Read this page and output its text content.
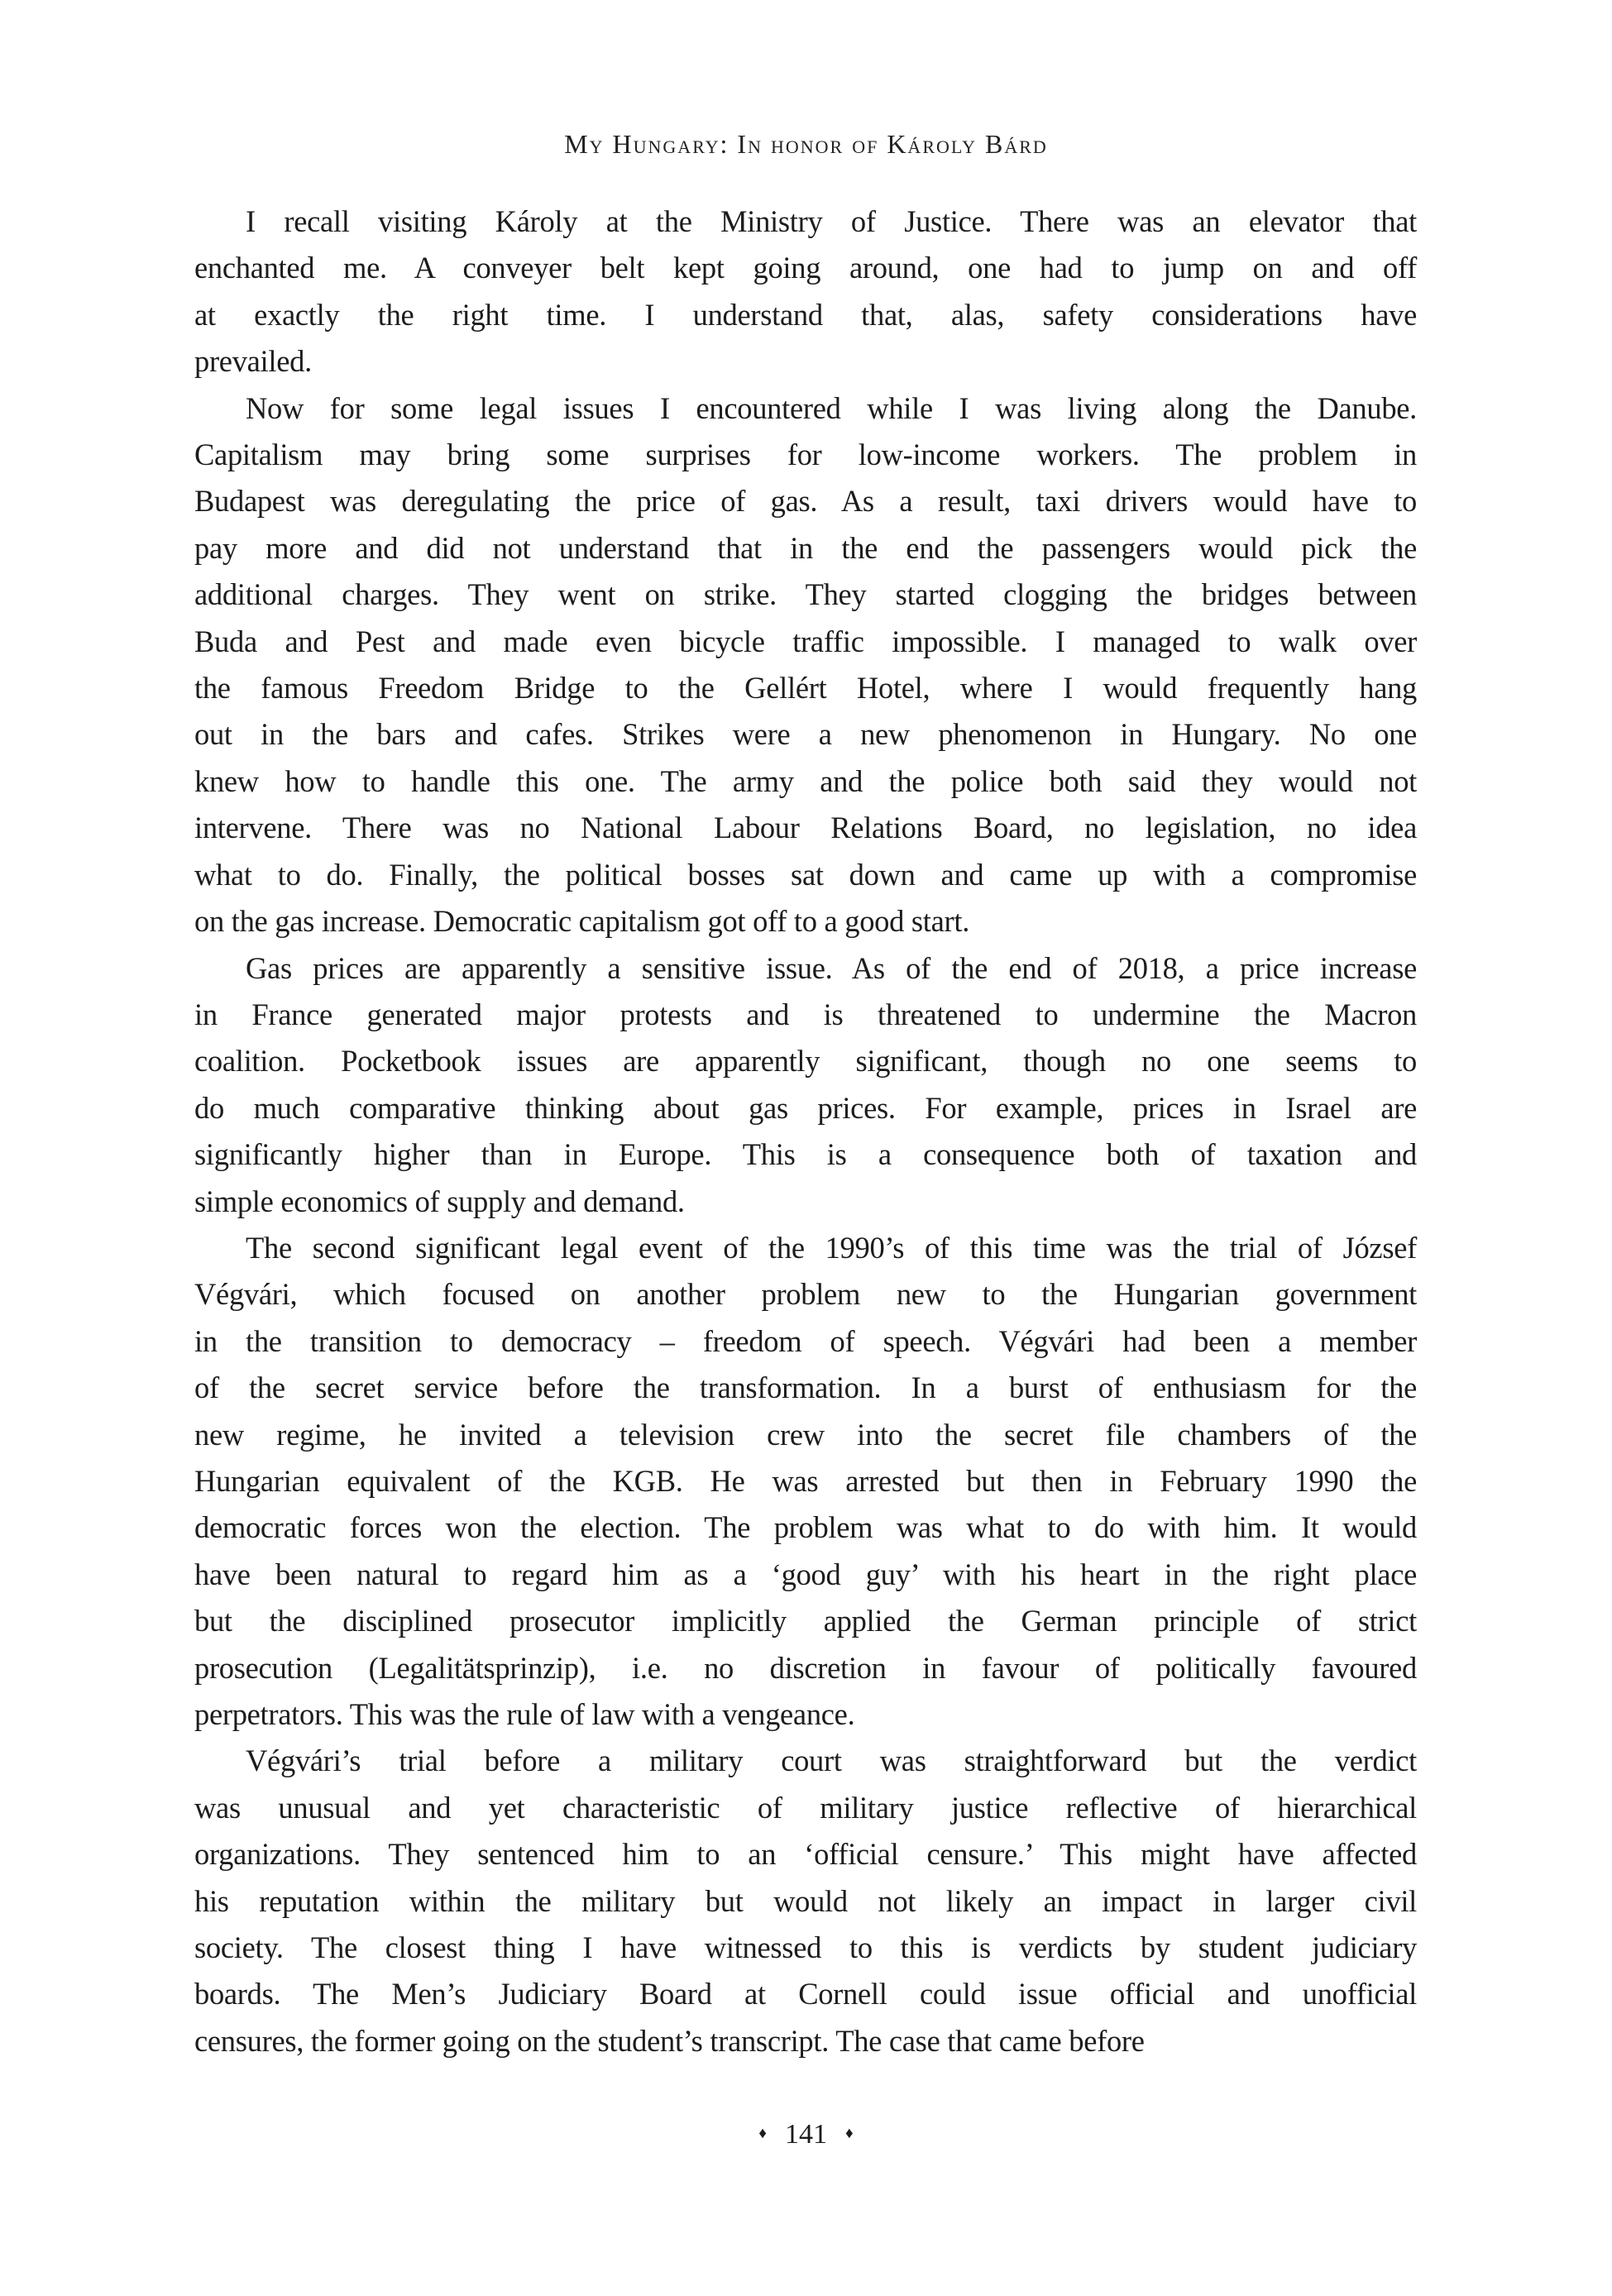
My Hungary: In honor of Károly Bárd
I recall visiting Károly at the Ministry of Justice. There was an elevator that
enchanted me. A conveyer belt kept going around, one had to jump on and off
at exactly the right time. I understand that, alas, safety considerations have
prevailed.
Now for some legal issues I encountered while I was living along the Danube.
Capitalism may bring some surprises for low-income workers. The problem in
Budapest was deregulating the price of gas. As a result, taxi drivers would have to
pay more and did not understand that in the end the passengers would pick the
additional charges. They went on strike. They started clogging the bridges between
Buda and Pest and made even bicycle traffic impossible. I managed to walk over
the famous Freedom Bridge to the Gellért Hotel, where I would frequently hang
out in the bars and cafes. Strikes were a new phenomenon in Hungary. No one
knew how to handle this one. The army and the police both said they would not
intervene. There was no National Labour Relations Board, no legislation, no idea
what to do. Finally, the political bosses sat down and came up with a compromise
on the gas increase. Democratic capitalism got off to a good start.
Gas prices are apparently a sensitive issue. As of the end of 2018, a price increase
in France generated major protests and is threatened to undermine the Macron
coalition. Pocketbook issues are apparently significant, though no one seems to
do much comparative thinking about gas prices. For example, prices in Israel are
significantly higher than in Europe. This is a consequence both of taxation and
simple economics of supply and demand.
The second significant legal event of the 1990’s of this time was the trial of József
Végvári, which focused on another problem new to the Hungarian government
in the transition to democracy – freedom of speech. Végvári had been a member
of the secret service before the transformation. In a burst of enthusiasm for the
new regime, he invited a television crew into the secret file chambers of the
Hungarian equivalent of the KGB. He was arrested but then in February 1990 the
democratic forces won the election. The problem was what to do with him. It would
have been natural to regard him as a ‘good guy’ with his heart in the right place
but the disciplined prosecutor implicitly applied the German principle of strict
prosecution (Legalitätsprinzip), i.e. no discretion in favour of politically favoured
perpetrators. This was the rule of law with a vengeance.
Végvári’s trial before a military court was straightforward but the verdict
was unusual and yet characteristic of military justice reflective of hierarchical
organizations. They sentenced him to an ‘official censure.’ This might have affected
his reputation within the military but would not likely an impact in larger civil
society. The closest thing I have witnessed to this is verdicts by student judiciary
boards. The Men’s Judiciary Board at Cornell could issue official and unofficial
censures, the former going on the student’s transcript. The case that came before
♦ 141 ♦
